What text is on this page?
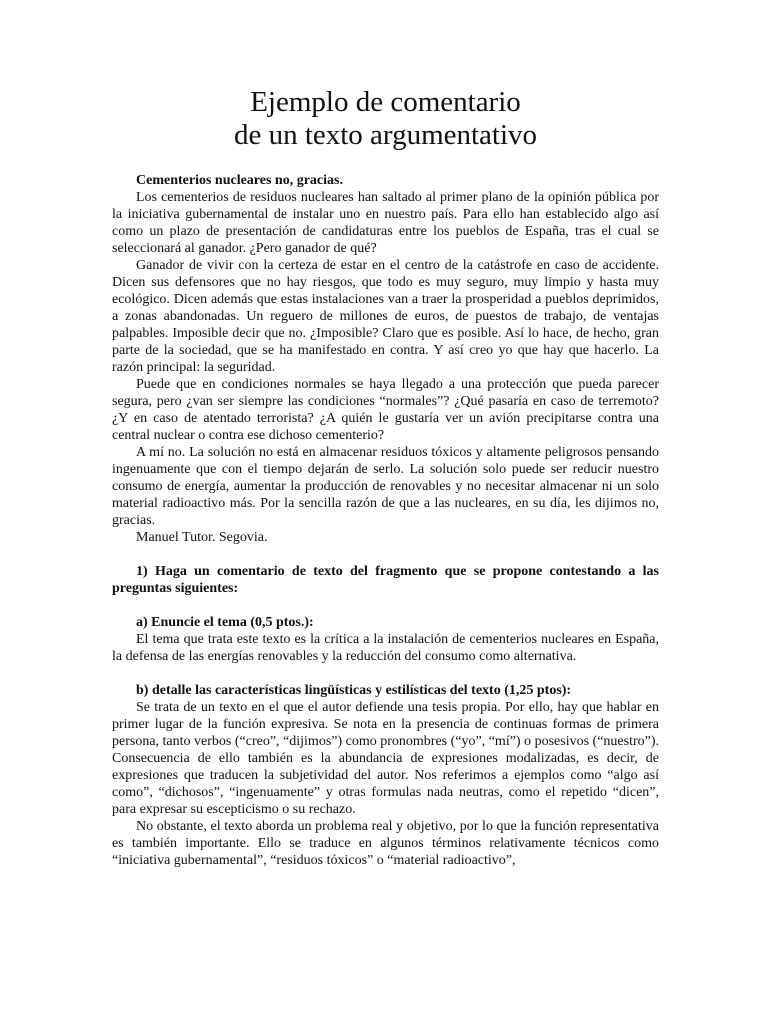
Ejemplo de comentario
de un texto argumentativo

Cementerios nucleares no, gracias.

Los cementerios de residuos nucleares han saltado al primer plano de la opinión pública por la iniciativa gubernamental de instalar uno en nuestro país. Para ello han establecido algo así como un plazo de presentación de candidaturas entre los pueblos de España, tras el cual se seleccionará al ganador. ¿Pero ganador de qué?

Ganador de vivir con la certeza de estar en el centro de la catástrofe en caso de accidente. Dicen sus defensores que no hay riesgos, que todo es muy seguro, muy limpio y hasta muy ecológico. Dicen además que estas instalaciones van a traer la prosperidad a pueblos deprimidos, a zonas abandonadas. Un reguero de millones de euros, de puestos de trabajo, de ventajas palpables. Imposible decir que no. ¿Imposible? Claro que es posible. Así lo hace, de hecho, gran parte de la sociedad, que se ha manifestado en contra. Y así creo yo que hay que hacerlo. La razón principal: la seguridad.

Puede que en condiciones normales se haya llegado a una protección que pueda parecer segura, pero ¿van ser siempre las condiciones “normales”? ¿Qué pasaría en caso de terremoto? ¿Y en caso de atentado terrorista? ¿A quién le gustaría ver un avión precipitarse contra una central nuclear o contra ese dichoso cementerio?

A mí no. La solución no está en almacenar residuos tóxicos y altamente peligrosos pensando ingenuamente que con el tiempo dejarán de serlo. La solución solo puede ser reducir nuestro consumo de energía, aumentar la producción de renovables y no necesitar almacenar ni un solo material radioactivo más. Por la sencilla razón de que a las nucleares, en su día, les dijimos no, gracias.

Manuel Tutor. Segovia.

1) Haga un comentario de texto del fragmento que se propone contestando a las preguntas siguientes:

a) Enuncie el tema (0,5 ptos.):

El tema que trata este texto es la crítica a la instalación de cementerios nucleares en España, la defensa de las energías renovables y la reducción del consumo como alternativa.

b) detalle las características lingüísticas y estilísticas del texto (1,25 ptos):

Se trata de un texto en el que el autor defiende una tesis propia. Por ello, hay que hablar en primer lugar de la función expresiva. Se nota en la presencia de continuas formas de primera persona, tanto verbos (“creo”, “dijimos”) como pronombres (“yo”, “mí”) o posesivos (“nuestro”). Consecuencia de ello también es la abundancia de expresiones modalizadas, es decir, de expresiones que traducen la subjetividad del autor. Nos referimos a ejemplos como “algo así como”, “dichosos”, “ingenuamente” y otras formulas nada neutras, como el repetido “dicen”, para expresar su escepticismo o su rechazo.

No obstante, el texto aborda un problema real y objetivo, por lo que la función representativa es también importante. Ello se traduce en algunos términos relativamente técnicos como “iniciativa gubernamental”, “residuos tóxicos” o “material radioactivo”,
